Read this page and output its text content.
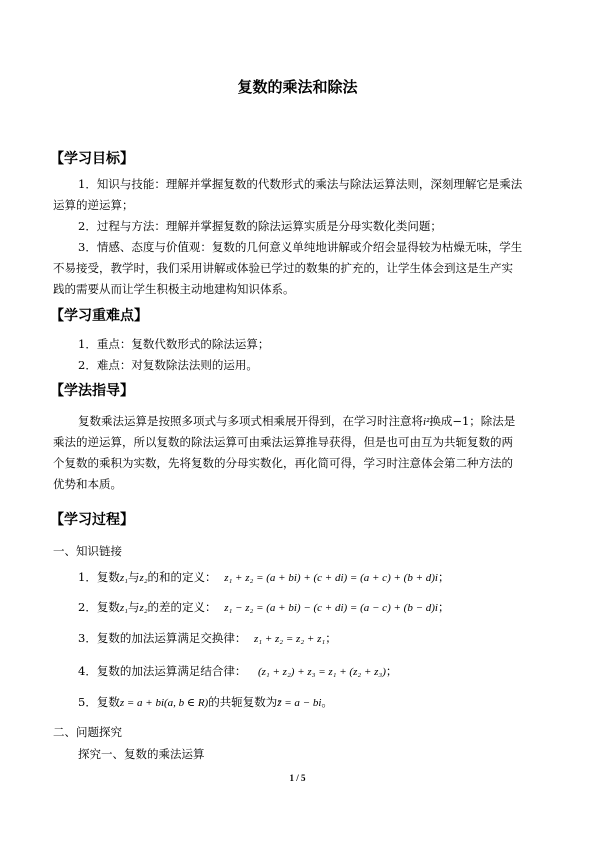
复数的乘法和除法
【学习目标】
1．知识与技能：理解并掌握复数的代数形式的乘法与除法运算法则，深刻理解它是乘法
运算的逆运算；
2．过程与方法：理解并掌握复数的除法运算实质是分母实数化类问题；
3．情感、态度与价值观：复数的几何意义单纯地讲解或介绍会显得较为枯燥无味，学生
不易接受，教学时，我们采用讲解或体验已学过的数集的扩充的，让学生体会到这是生产实
践的需要从而让学生积极主动地建构知识体系。
【学习重难点】
1．重点：复数代数形式的除法运算；
2．难点：对复数除法法则的运用。
【学法指导】
复数乘法运算是按照多项式与多项式相乘展开得到，在学习时注意将i²换成−1；除法是
乘法的逆运算，所以复数的除法运算可由乘法运算推导获得，但是也可由互为共轭复数的两
个复数的乘积为实数，先将复数的分母实数化，再化简可得，学习时注意体会第二种方法的
优势和本质。
【学习过程】
一、知识链接
1．复数z₁与z₂的和的定义： z₁ + z₂ = (a + bi) + (c + di) = (a + c) + (b + d)i；
2．复数z₁与z₂的差的定义： z₁ − z₂ = (a + bi) − (c + di) = (a − c) + (b − d)i；
3．复数的加法运算满足交换律： z₁ + z₂ = z₂ + z₁；
4．复数的加法运算满足结合律： (z₁ + z₂) + z₃ = z₁ + (z₂ + z₃)；
5．复数z = a + bi(a, b ∈ R)的共轭复数为z̄ = a − bi。
二、问题探究
探究一、复数的乘法运算
1 / 5
